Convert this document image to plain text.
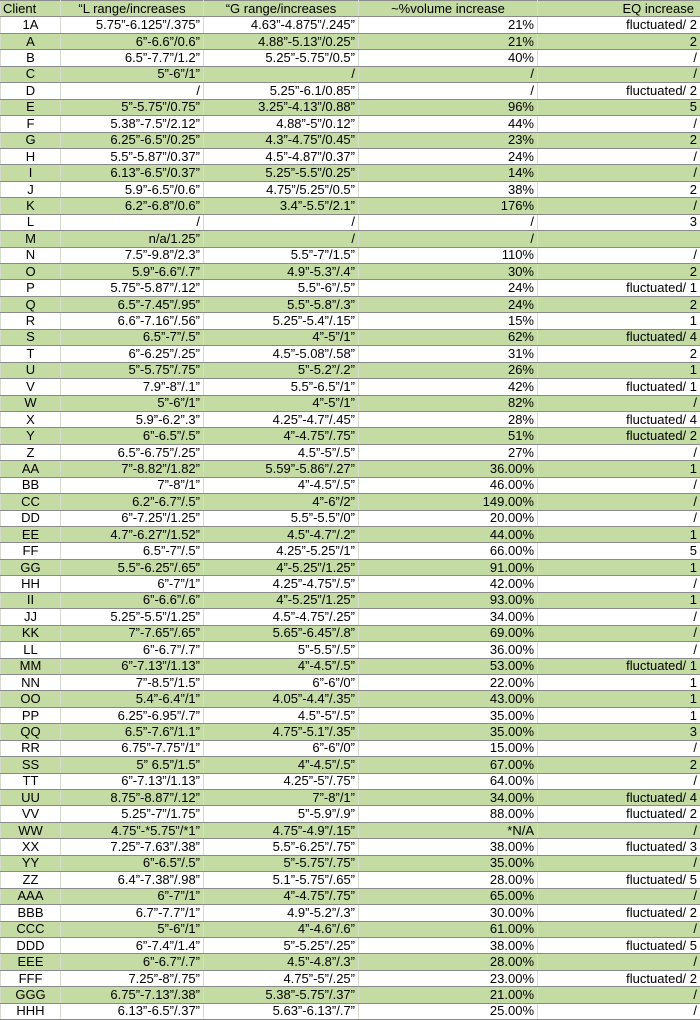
Client	“L range/increases	“G range/increases	~%volume increase	EQ increase
1A	5.75”-6.125”/.375”	4.63”-4.875”/.245”	21%	fluctuated/ 2
A	6”-6.6”/0.6”	4.88”-5.13”/0.25”	21%	2
B	6.5”-7.7”/1.2”	5.25”-5.75”/0.5”	40%	/
C	5”-6”/1”	/	/	/
D	/	5.25”-6.1/0.85”	/	fluctuated/ 2
E	5”-5.75”/0.75”	3.25”-4.13”/0.88”	96%	5
F	5.38”-7.5”/2.12”	4.88”-5”/0.12”	44%	/
G	6.25”-6.5”/0.25”	4.3”-4.75”/0.45”	23%	2
H	5.5”-5.87”/0.37”	4.5”-4.87”/0.37”	24%	/
I	6.13”-6.5”/0.37”	5.25”-5.5”/0.25”	14%	/
J	5.9”-6.5”/0.6”	4.75”/5.25”/0.5”	38%	2
K	6.2”-6.8”/0.6”	3.4”-5.5”/2.1”	176%	/
L	/	/	/	3
M	n/a/1.25”	/	/	
N	7.5”-9.8”/2.3”	5.5”-7”/1.5”	110%	/
O	5.9”-6.6”/.7”	4.9”-5.3”/.4”	30%	2
P	5.75”-5.87”/.12”	5.5”-6”/.5”	24%	fluctuated/ 1
Q	6.5”-7.45”/.95”	5.5”-5.8”/.3”	24%	2
R	6.6”-7.16”/.56”	5.25”-5.4”/.15”	15%	1
S	6.5”-7”/.5”	4”-5”/1”	62%	fluctuated/ 4
T	6”-6.25”/.25”	4.5”-5.08”/.58”	31%	2
U	5”-5.75”/.75”	5”-5.2”/.2”	26%	1
V	7.9”-8”/.1”	5.5”-6.5”/1”	42%	fluctuated/ 1
W	5”-6”/1”	4”-5”/1”	82%	/
X	5.9”-6.2”.3”	4.25”-4.7”/.45”	28%	fluctuated/ 4
Y	6”-6.5”/.5”	4”-4.75”/.75”	51%	fluctuated/ 2
Z	6.5”-6.75”/.25”	4.5”-5”/.5”	27%	/
AA	7”-8.82”/1.82”	5.59”-5.86”/.27”	36.00%	1
BB	7”-8”/1”	4”-4.5”/.5”	46.00%	/
CC	6.2”-6.7”/.5”	4”-6”/2”	149.00%	/
DD	6”-7.25”/1.25”	5.5”-5.5”/0”	20.00%	/
EE	4.7”-6.27”/1.52”	4.5”-4.7”/.2”	44.00%	1
FF	6.5”-7”/.5”	4.25”-5.25”/1”	66.00%	5
GG	5.5”-6.25”/.65”	4”-5.25”/1.25”	91.00%	1
HH	6”-7”/1”	4.25”-4.75”/.5”	42.00%	/
II	6”-6.6”/.6”	4”-5.25”/1.25”	93.00%	1
JJ	5.25”-5.5”/1.25”	4.5”-4.75”/.25”	34.00%	/
KK	7”-7.65”/.65”	5.65”-6.45”/.8”	69.00%	/
LL	6”-6.7”/.7”	5”-5.5”/.5”	36.00%	/
MM	6”-7.13”/1.13”	4”-4.5”/.5”	53.00%	fluctuated/ 1
NN	7”-8.5”/1.5”	6”-6”/0”	22.00%	1
OO	5.4”-6.4”/1”	4.05”-4.4”/.35”	43.00%	1
PP	6.25”-6.95”/.7”	4.5”-5”/.5”	35.00%	1
QQ	6.5”-7.6”/1.1”	4.75”-5.1”/.35”	35.00%	3
RR	6.75”-7.75”/1”	6”-6”/0”	15.00%	/
SS	5” 6.5”/1.5”	4”-4.5”/.5”	67.00%	2
TT	6”-7.13”/1.13”	4.25”-5”/.75”	64.00%	/
UU	8.75”-8.87”/.12”	7”-8”/1”	34.00%	fluctuated/ 4
VV	5.25”-7”/1.75”	5”-5.9”/.9”	88.00%	fluctuated/ 2
WW	4.75”-*5.75”/*1”	4.75”-4.9”/.15”	*N/A	/
XX	7.25”-7.63”/.38”	5.5”-6.25”/.75”	38.00%	fluctuated/ 3
YY	6”-6.5”/.5”	5”-5.75”/.75”	35.00%	/
ZZ	6.4”-7.38”/.98”	5.1”-5.75”/.65”	28.00%	fluctuated/ 5
AAA	6”-7”/1”	4”-4.75”/.75”	65.00%	/
BBB	6.7”-7.7”/1”	4.9”-5.2”/.3”	30.00%	fluctuated/ 2
CCC	5”-6”/1”	4”-4.6”/.6”	61.00%	/
DDD	6”-7.4”/1.4”	5”-5.25”/.25”	38.00%	fluctuated/ 5
EEE	6”-6.7”/.7”	4.5”-4.8”/.3”	28.00%	/
FFF	7.25”-8”/.75”	4.75”-5”/.25”	23.00%	fluctuated/ 2
GGG	6.75”-7.13”/.38”	5.38”-5.75”/.37”	21.00%	/
HHH	6.13”-6.5”/.37”	5.63”-6.13”/.7”	25.00%	/
